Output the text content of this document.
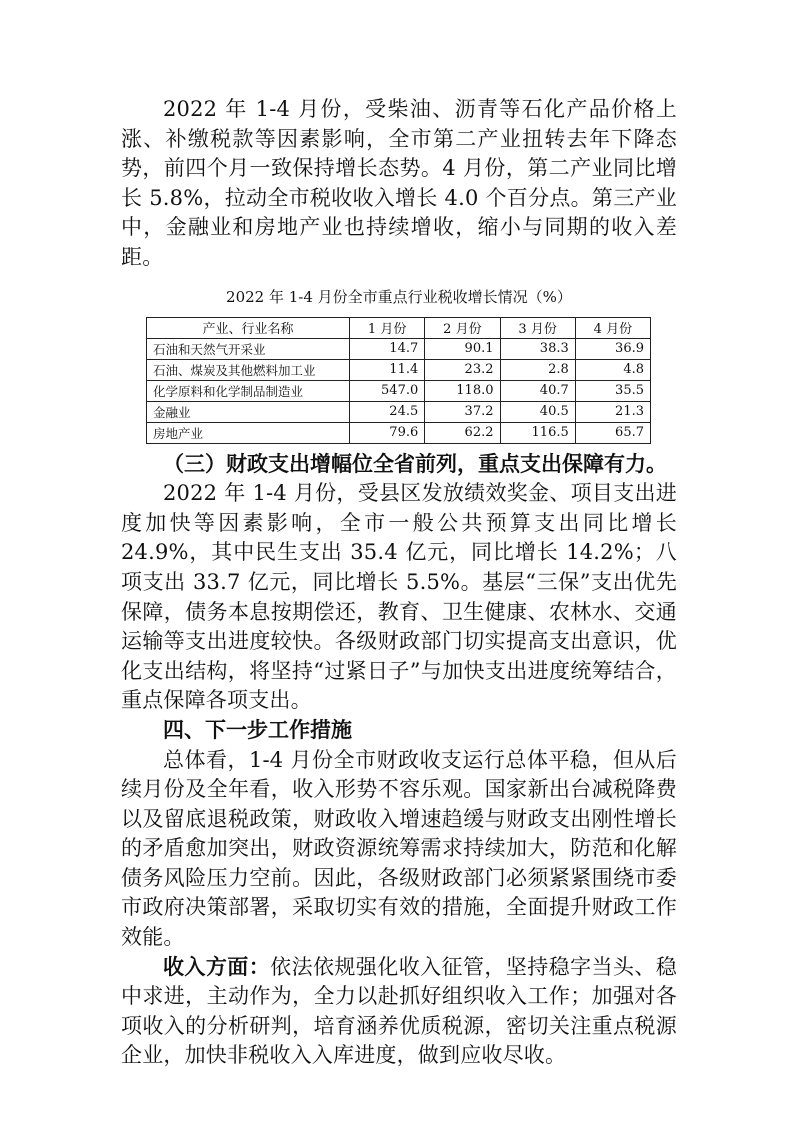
2022 年 1-4 月份，受柴油、沥青等石化产品价格上涨、补缴税款等因素影响，全市第二产业扭转去年下降态势，前四个月一致保持增长态势。4 月份，第二产业同比增长 5.8%，拉动全市税收收入增长 4.0 个百分点。第三产业中，金融业和房地产业也持续增收，缩小与同期的收入差距。

2022 年 1-4 月份全市重点行业税收增长情况（%）
产业、行业名称	1 月份	2 月份	3 月份	4 月份
石油和天然气开采业	14.7	90.1	38.3	36.9
石油、煤炭及其他燃料加工业	11.4	23.2	2.8	4.8
化学原料和化学制品制造业	547.0	118.0	40.7	35.5
金融业	24.5	37.2	40.5	21.3
房地产业	79.6	62.2	116.5	65.7

（三）财政支出增幅位全省前列，重点支出保障有力。

2022 年 1-4 月份，受县区发放绩效奖金、项目支出进度加快等因素影响，全市一般公共预算支出同比增长 24.9%，其中民生支出 35.4 亿元，同比增长 14.2%；八项支出 33.7 亿元，同比增长 5.5%。基层“三保”支出优先保障，债务本息按期偿还，教育、卫生健康、农林水、交通运输等支出进度较快。各级财政部门切实提高支出意识，优化支出结构，将坚持“过紧日子”与加快支出进度统筹结合，重点保障各项支出。

四、下一步工作措施

总体看，1-4 月份全市财政收支运行总体平稳，但从后续月份及全年看，收入形势不容乐观。国家新出台减税降费以及留底退税政策，财政收入增速趋缓与财政支出刚性增长的矛盾愈加突出，财政资源统筹需求持续加大，防范和化解债务风险压力空前。因此，各级财政部门必须紧紧围绕市委市政府决策部署，采取切实有效的措施，全面提升财政工作效能。

收入方面：依法依规强化收入征管，坚持稳字当头、稳中求进，主动作为，全力以赴抓好组织收入工作；加强对各项收入的分析研判，培育涵养优质税源，密切关注重点税源企业，加快非税收入入库进度，做到应收尽收。
